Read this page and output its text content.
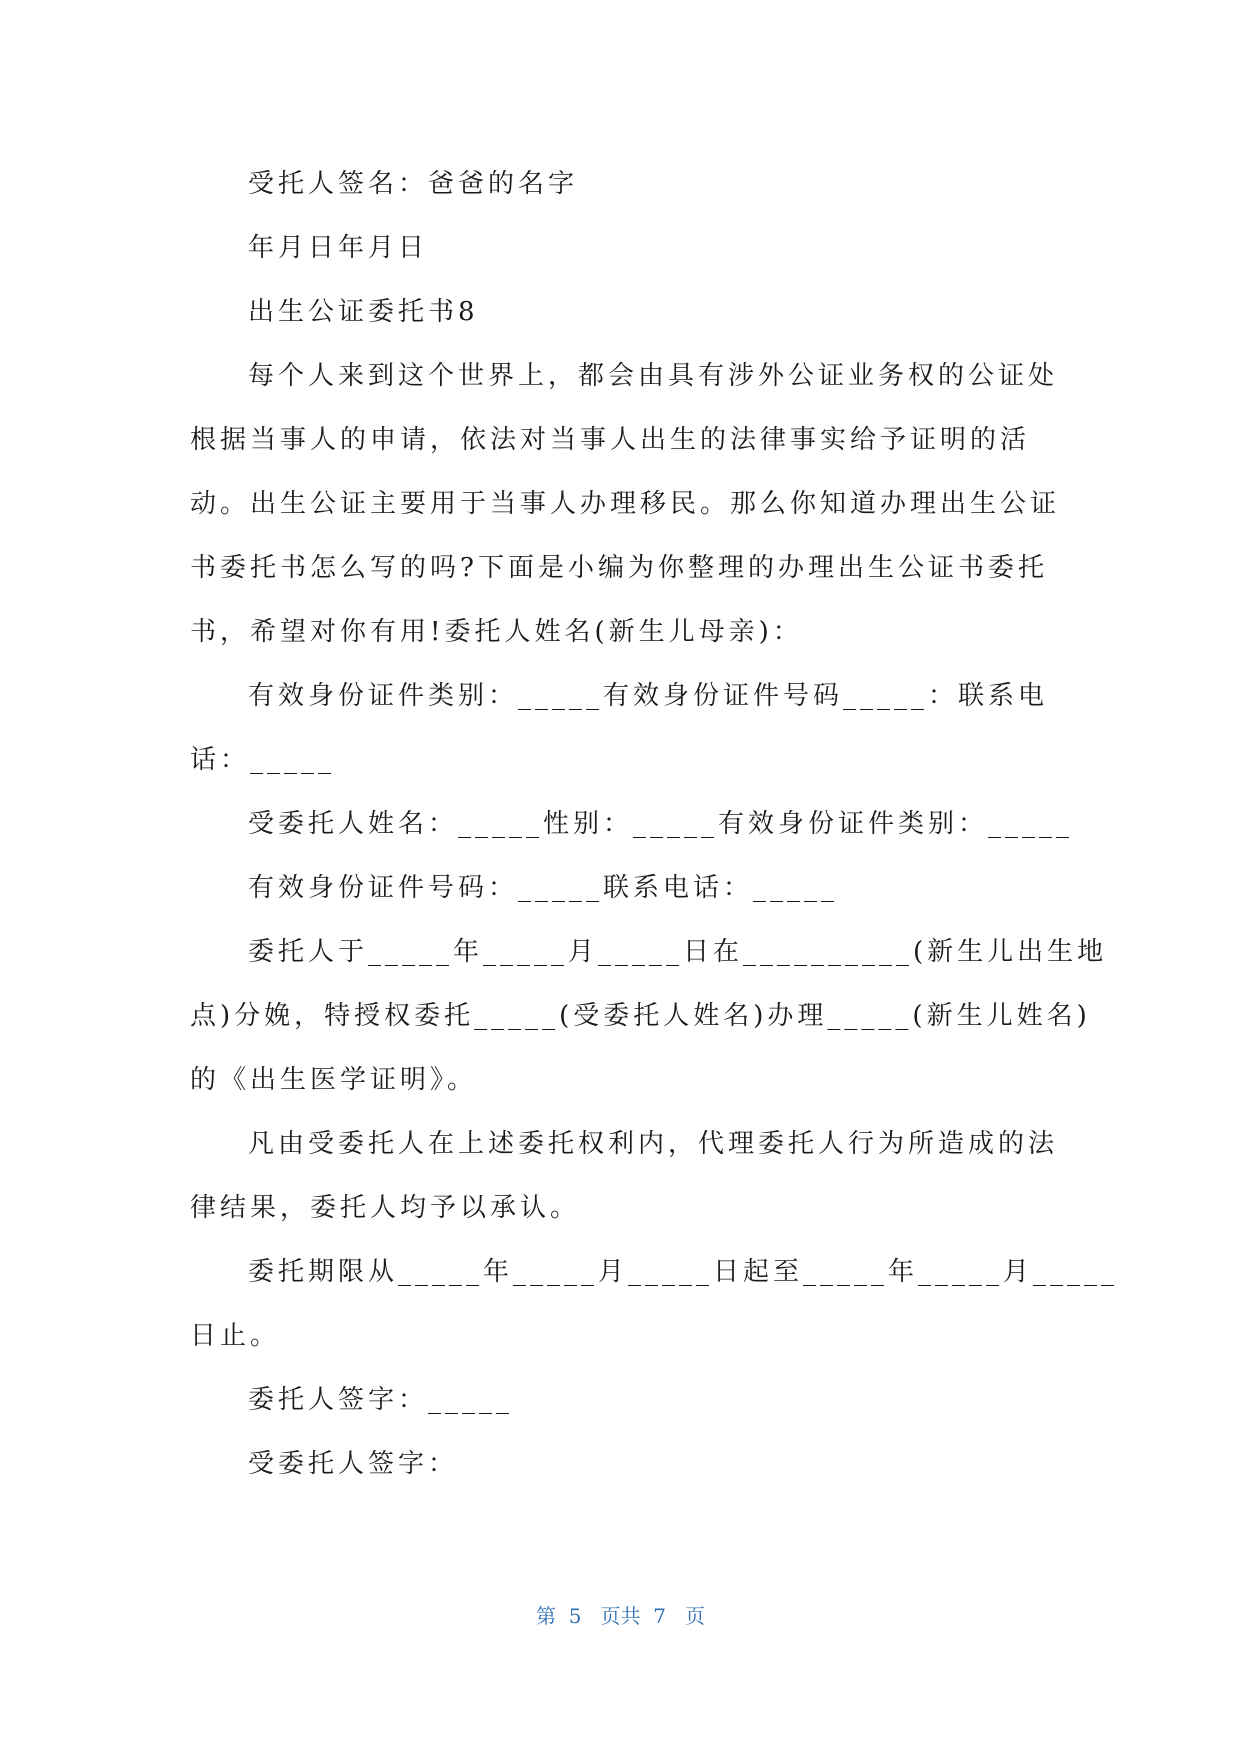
受托人签名：爸爸的名字
年月日年月日
出生公证委托书8
每个人来到这个世界上，都会由具有涉外公证业务权的公证处
根据当事人的申请，依法对当事人出生的法律事实给予证明的活
动。出生公证主要用于当事人办理移民。那么你知道办理出生公证
书委托书怎么写的吗?下面是小编为你整理的办理出生公证书委托
书，希望对你有用!委托人姓名(新生儿母亲)：
有效身份证件类别：_____有效身份证件号码_____：联系电
话：_____
受委托人姓名：_____性别：_____有效身份证件类别：_____
有效身份证件号码：_____联系电话：_____
委托人于_____年_____月_____日在__________(新生儿出生地
点)分娩，特授权委托_____(受委托人姓名)办理_____(新生儿姓名)
的《出生医学证明》。
凡由受委托人在上述委托权利内，代理委托人行为所造成的法
律结果，委托人均予以承认。
委托期限从_____年_____月_____日起至_____年_____月_____
日止。
委托人签字：_____
受委托人签字：
第 5 页共 7 页
